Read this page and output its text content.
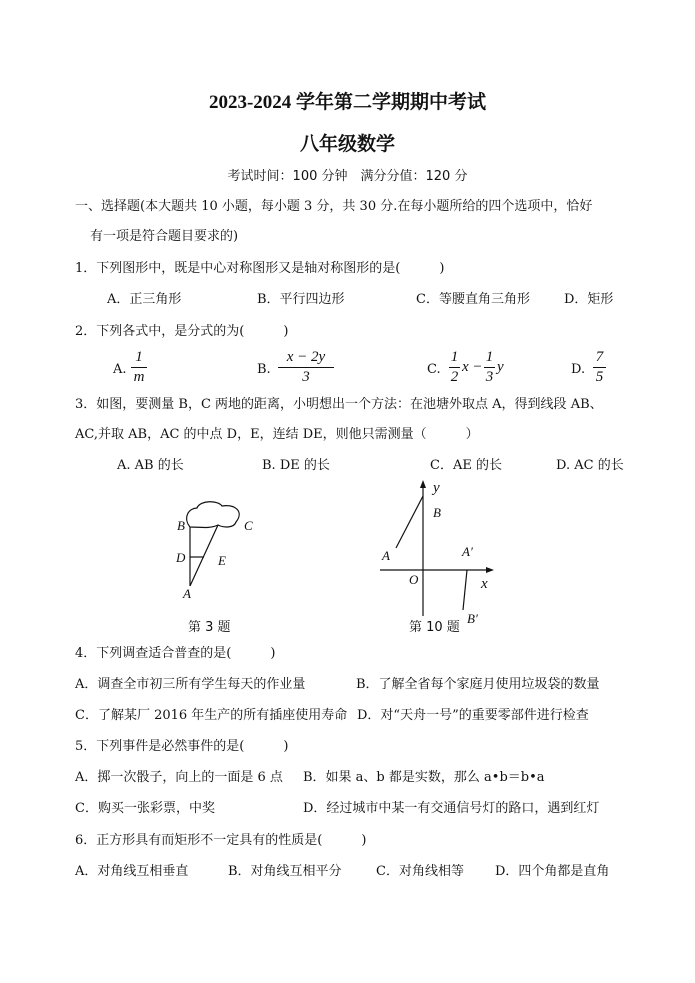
2023-2024 学年第二学期期中考试
八年级数学
考试时间：100 分钟　满分分值：120 分
一、选择题(本大题共 10 小题，每小题 3 分，共 30 分.在每小题所给的四个选项中，恰好
有一项是符合题目要求的)
1．下列图形中，既是中心对称图形又是轴对称图形的是(　　　)
A．正三角形	B．平行四边形	C．等腰直角三角形	D．矩形
2．下列各式中，是分式的为(　　　)
A.
1
m	B.
x − 2y
3	C.
1
2
x −
1
3
y	D.
7
5
3．如图，要测量 B，C 两地的距离，小明想出一个方法：在池塘外取点 A，得到线段 AB、
AC,并取 AB，AC 的中点 D，E，连结 DE，则他只需测量（　　　）
A. AB 的长	B. DE 的长	C．AE 的长	D. AC 的长
B	C
D	E
A
第 3 题
y
B
A	A′
O	x
B′
第 10 题
4．下列调查适合普查的是(　　　)
A．调查全市初三所有学生每天的作业量	B．了解全省每个家庭月使用垃圾袋的数量
C．了解某厂 2016 年生产的所有插座使用寿命 D．对“天舟一号”的重要零部件进行检查
5．下列事件是必然事件的是(　　　)
A．掷一次骰子，向上的一面是 6 点 B．如果 a、b 都是实数，那么 a•b＝b•a
C．购买一张彩票，中奖	D．经过城市中某一有交通信号灯的路口，遇到红灯
6．正方形具有而矩形不一定具有的性质是(　　　)
A．对角线互相垂直	B．对角线互相平分	C．对角线相等 D．四个角都是直角
